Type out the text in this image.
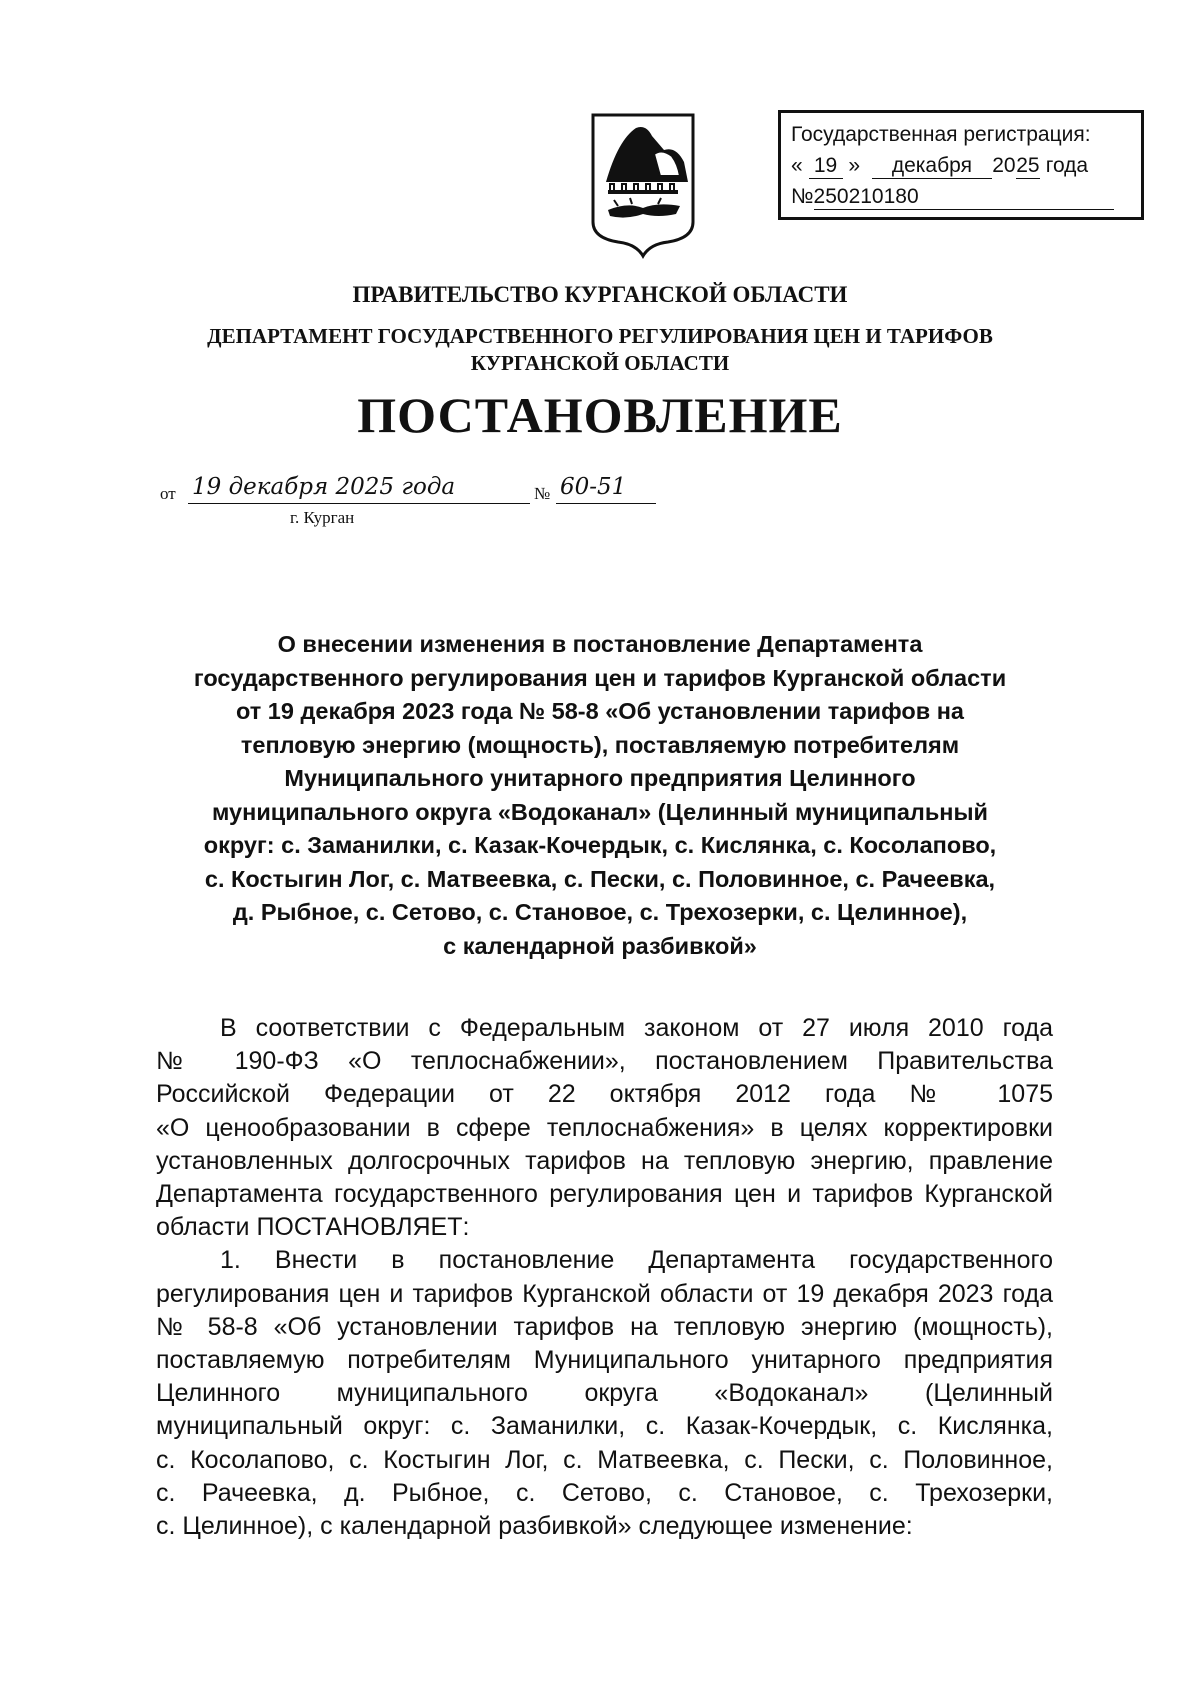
Государственная регистрация:
« 19 » декабря 2025 года
№250210180
ПРАВИТЕЛЬСТВО КУРГАНСКОЙ ОБЛАСТИ
ДЕПАРТАМЕНТ ГОСУДАРСТВЕННОГО РЕГУЛИРОВАНИЯ ЦЕН И ТАРИФОВ
КУРГАНСКОЙ ОБЛАСТИ
ПОСТАНОВЛЕНИЕ
от 19 декабря 2025 года	№ 60-51
г. Курган
О внесении изменения в постановление Департамента
государственного регулирования цен и тарифов Курганской области
от 19 декабря 2023 года № 58-8 «Об установлении тарифов на
тепловую энергию (мощность), поставляемую потребителям
Муниципального унитарного предприятия Целинного
муниципального округа «Водоканал» (Целинный муниципальный
округ: с. Заманилки, с. Казак-Кочердык, с. Кислянка, с. Косолапово,
с. Костыгин Лог, с. Матвеевка, с. Пески, с. Половинное, с. Рачеевка,
д. Рыбное, с. Сетово, с. Становое, с. Трехозерки, с. Целинное),
с календарной разбивкой»

В соответствии с Федеральным законом от 27 июля 2010 года

№ 190-ФЗ «О теплоснабжении», постановлением Правительства

Российской Федерации от 22 октября 2012 года № 1075

«О ценообразовании в сфере теплоснабжения» в целях корректировки

установленных долгосрочных тарифов на тепловую энергию, правление

Департамента государственного регулирования цен и тарифов Курганской

области ПОСТАНОВЛЯЕТ:

1. Внести в постановление Департамента государственного

регулирования цен и тарифов Курганской области от 19 декабря 2023 года

№ 58-8 «Об установлении тарифов на тепловую энергию (мощность),

поставляемую потребителям Муниципального унитарного предприятия

Целинного муниципального округа «Водоканал» (Целинный

муниципальный округ: с. Заманилки, с. Казак-Кочердык, с. Кислянка,

с. Косолапово, с. Костыгин Лог, с. Матвеевка, с. Пески, с. Половинное,

с. Рачеевка, д. Рыбное, с. Сетово, с. Становое, с. Трехозерки,

с. Целинное), с календарной разбивкой» следующее изменение:
